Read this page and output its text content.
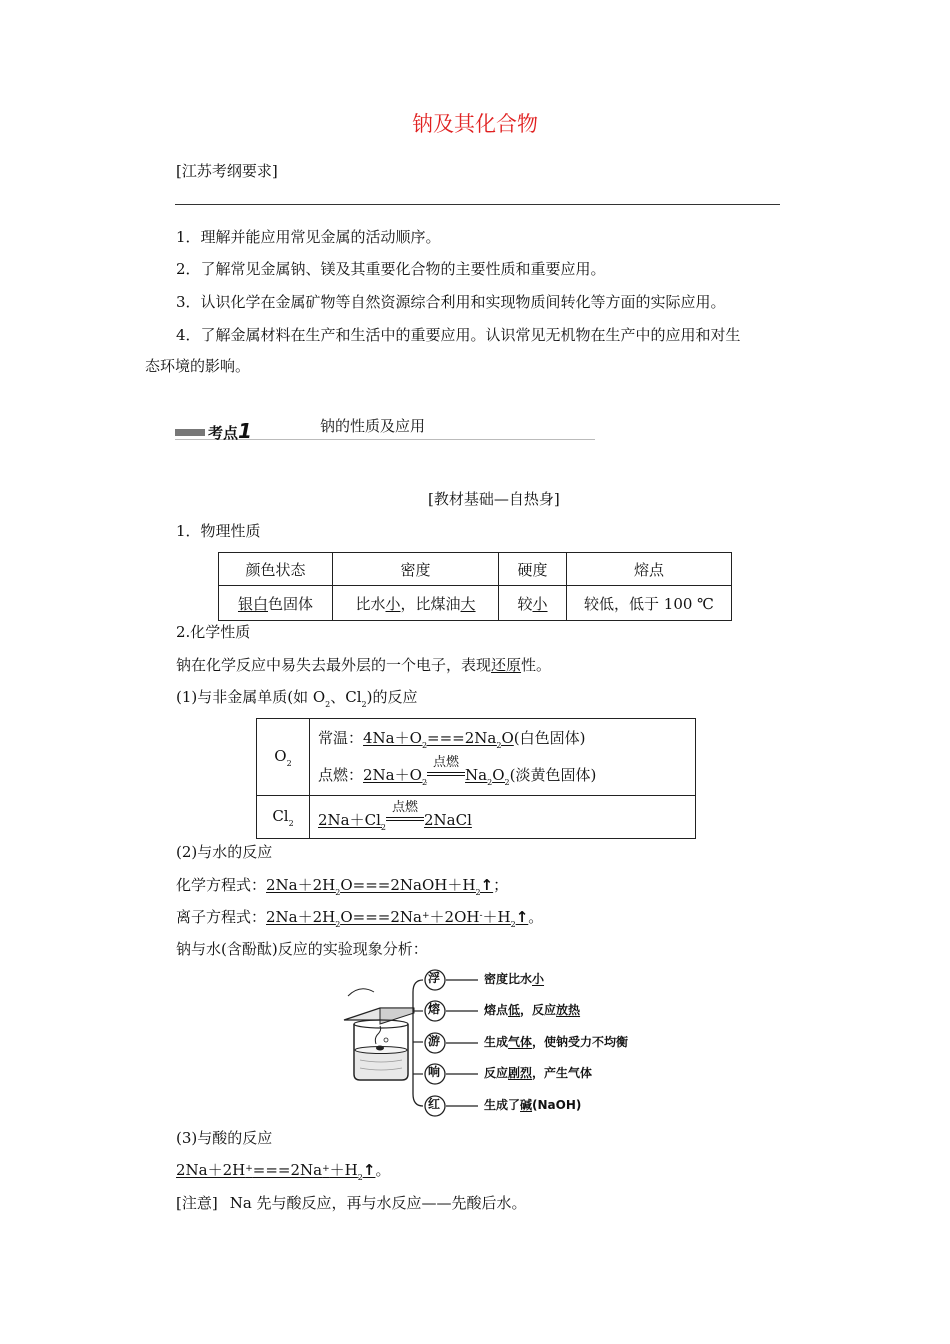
钠及其化合物
[江苏考纲要求]
1．理解并能应用常见金属的活动顺序。
2．了解常见金属钠、镁及其重要化合物的主要性质和重要应用。
3．认识化学在金属矿物等自然资源综合利用和实现物质间转化等方面的实际应用。
4．了解金属材料在生产和生活中的重要应用。认识常见无机物在生产中的应用和对生
态环境的影响。
考点1	钠的性质及应用
[教材基础—自热身]
1．物理性质
颜色状态	密度	硬度	熔点
银白色固体	比水小，比煤油大	较小	较低，低于 100 ℃
2.化学性质
钠在化学反应中易失去最外层的一个电子，表现还原性。
(1)与非金属单质(如 $O_2$、$Cl_2$)的反应
$O_2$	常温：$4Na+O_2===2Na_2O$(白色固体)
点燃：$2Na+O_2$
点燃
$Na_2O_2$(淡黄色固体)

$Cl_2$	$2Na+Cl_2$
点燃
2NaCl
(2)与水的反应
化学方程式：$2Na+2H_2O===2NaOH+H_2↑$；
离子方程式：$2Na+2H_2O===2Na^++2OH^-+H_2↑$。
钠与水(含酚酞)反应的实验现象分析：
浮	密度比水小
熔	熔点低，反应放热
游	生成气体，使钠受力不均衡
响	反应剧烈，产生气体
红	生成了碱(NaOH)
(3)与酸的反应
$2Na+2H^+===2Na^++H_2↑$。
[注意] Na 先与酸反应，再与水反应——先酸后水。
